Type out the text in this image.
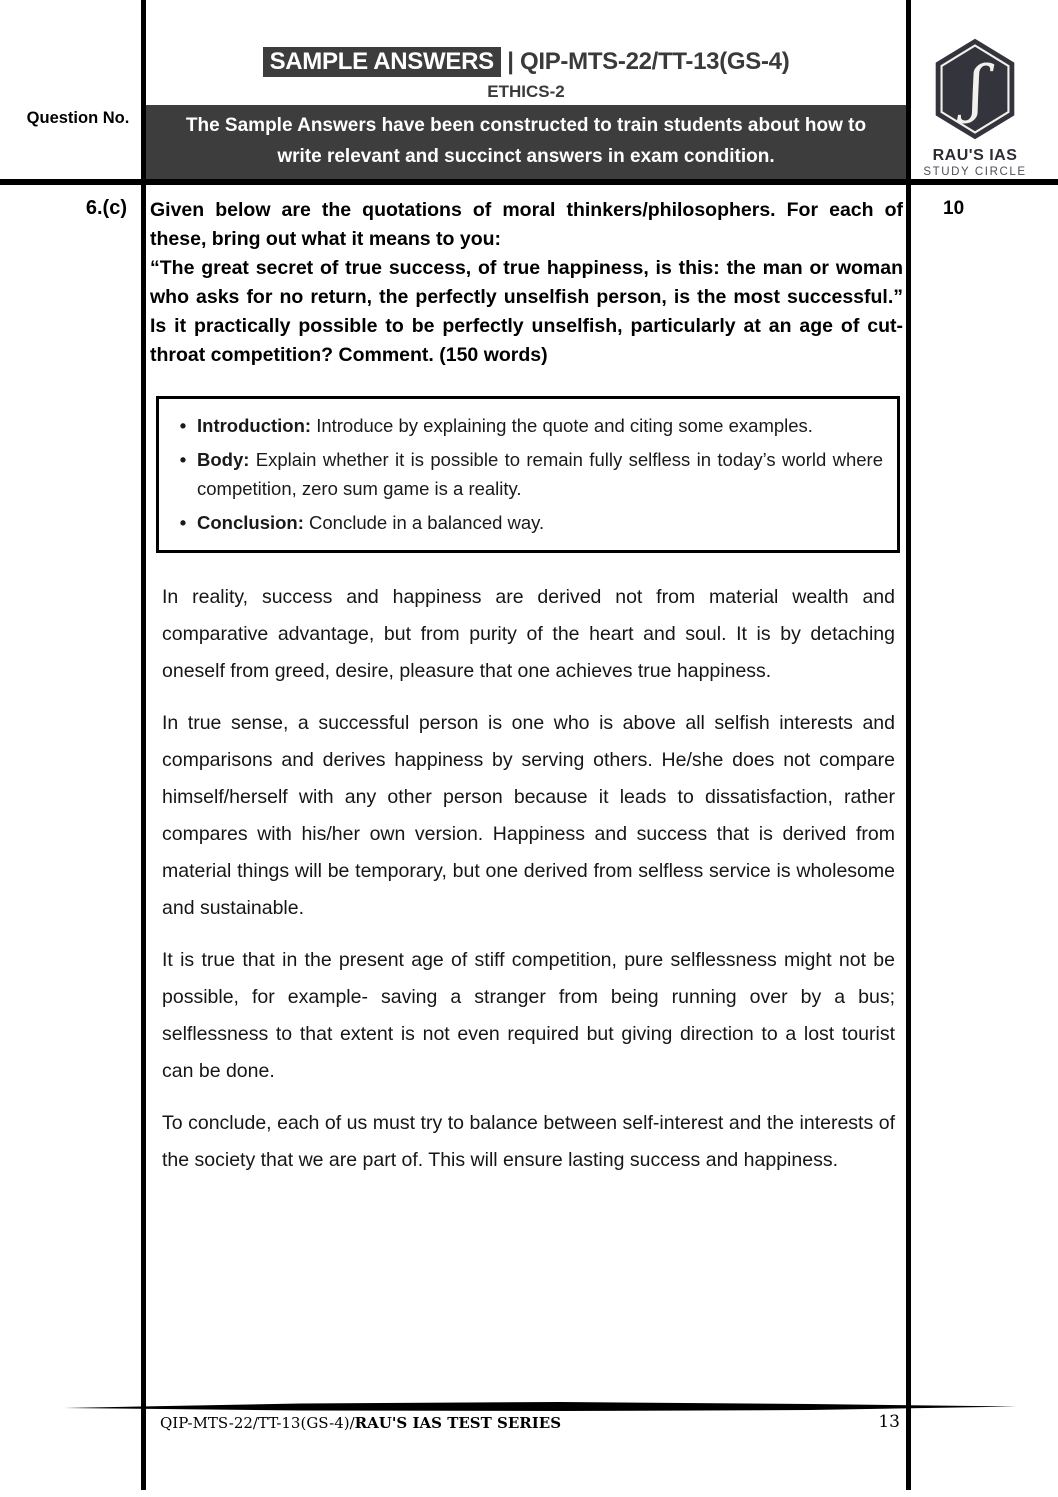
SAMPLE ANSWERS | QIP-MTS-22/TT-13(GS-4)
ETHICS-2
The Sample Answers have been constructed to train students about how to write relevant and succinct answers in exam condition.
ʃ
RAU'S IAS
STUDY CIRCLE
Question No.
6.(c)	10

Given below are the quotations of moral thinkers/philosophers. For each of these, bring out what it means to you:

“The great secret of true success, of true happiness, is this: the man or woman who asks for no return, the perfectly unselfish person, is the most successful.” Is it practically possible to be perfectly unselfish, particularly at an age of cut-throat competition? Comment. (150 words)

• Introduction: Introduce by explaining the quote and citing some examples.
• Body: Explain whether it is possible to remain fully selfless in today’s world where competition, zero sum game is a reality.
• Conclusion: Conclude in a balanced way.

In reality, success and happiness are derived not from material wealth and comparative advantage, but from purity of the heart and soul. It is by detaching oneself from greed, desire, pleasure that one achieves true happiness.

In true sense, a successful person is one who is above all selfish interests and comparisons and derives happiness by serving others. He/she does not compare himself/herself with any other person because it leads to dissatisfaction, rather compares with his/her own version. Happiness and success that is derived from material things will be temporary, but one derived from selfless service is wholesome and sustainable.

It is true that in the present age of stiff competition, pure selflessness might not be possible, for example- saving a stranger from being running over by a bus; selflessness to that extent is not even required but giving direction to a lost tourist can be done.

To conclude, each of us must try to balance between self-interest and the interests of the society that we are part of. This will ensure lasting success and happiness.

QIP-MTS-22/TT-13(GS-4)/RAU'S IAS TEST SERIES	13
